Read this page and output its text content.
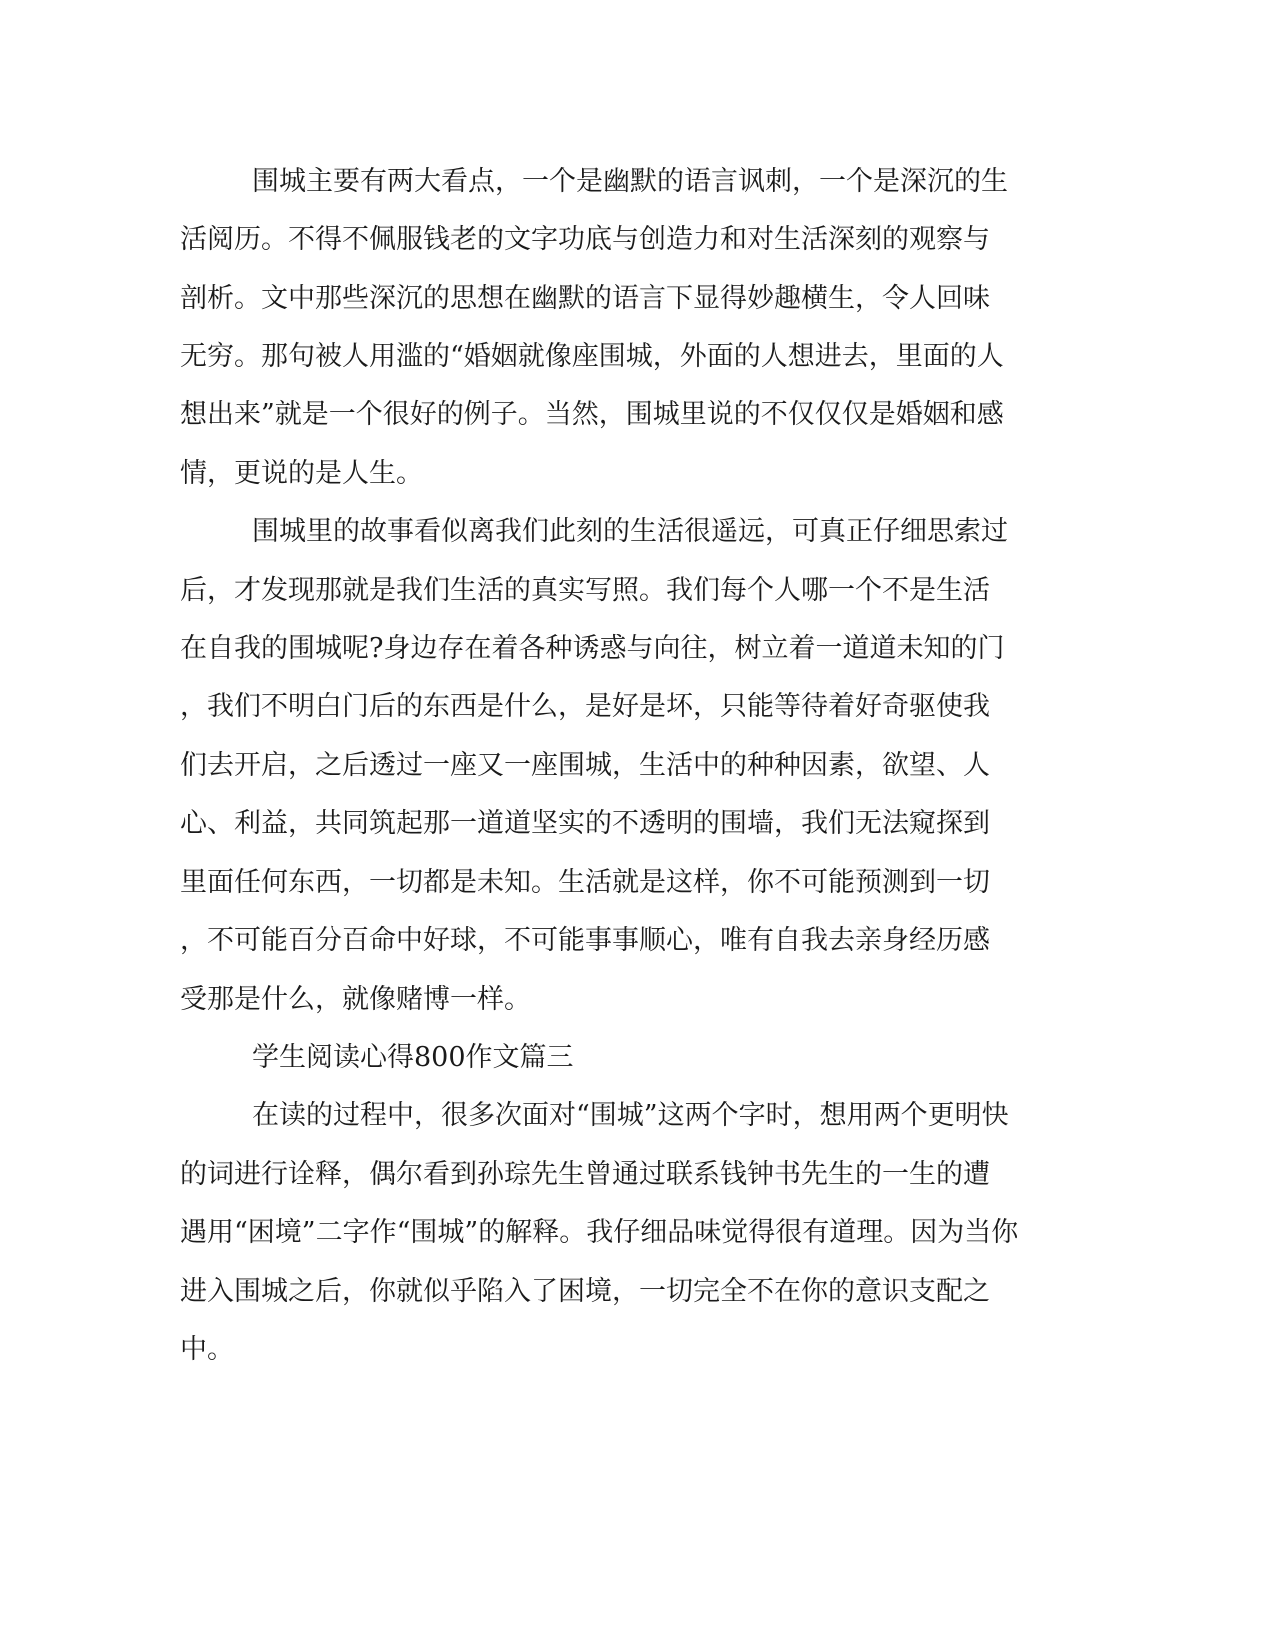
围城主要有两大看点，一个是幽默的语言讽刺，一个是深沉的生
活阅历。不得不佩服钱老的文字功底与创造力和对生活深刻的观察与
剖析。文中那些深沉的思想在幽默的语言下显得妙趣横生，令人回味
无穷。那句被人用滥的“婚姻就像座围城，外面的人想进去，里面的人
想出来”就是一个很好的例子。当然，围城里说的不仅仅仅是婚姻和感
情，更说的是人生。
围城里的故事看似离我们此刻的生活很遥远，可真正仔细思索过
后，才发现那就是我们生活的真实写照。我们每个人哪一个不是生活
在自我的围城呢?身边存在着各种诱惑与向往，树立着一道道未知的门
，我们不明白门后的东西是什么，是好是坏，只能等待着好奇驱使我
们去开启，之后透过一座又一座围城，生活中的种种因素，欲望、人
心、利益，共同筑起那一道道坚实的不透明的围墙，我们无法窥探到
里面任何东西，一切都是未知。生活就是这样，你不可能预测到一切
，不可能百分百命中好球，不可能事事顺心，唯有自我去亲身经历感
受那是什么，就像赌博一样。
学生阅读心得800作文篇三
在读的过程中，很多次面对“围城”这两个字时，想用两个更明快
的词进行诠释，偶尔看到孙琮先生曾通过联系钱钟书先生的一生的遭
遇用“困境”二字作“围城”的解释。我仔细品味觉得很有道理。因为当你
进入围城之后，你就似乎陷入了困境，一切完全不在你的意识支配之
中。
